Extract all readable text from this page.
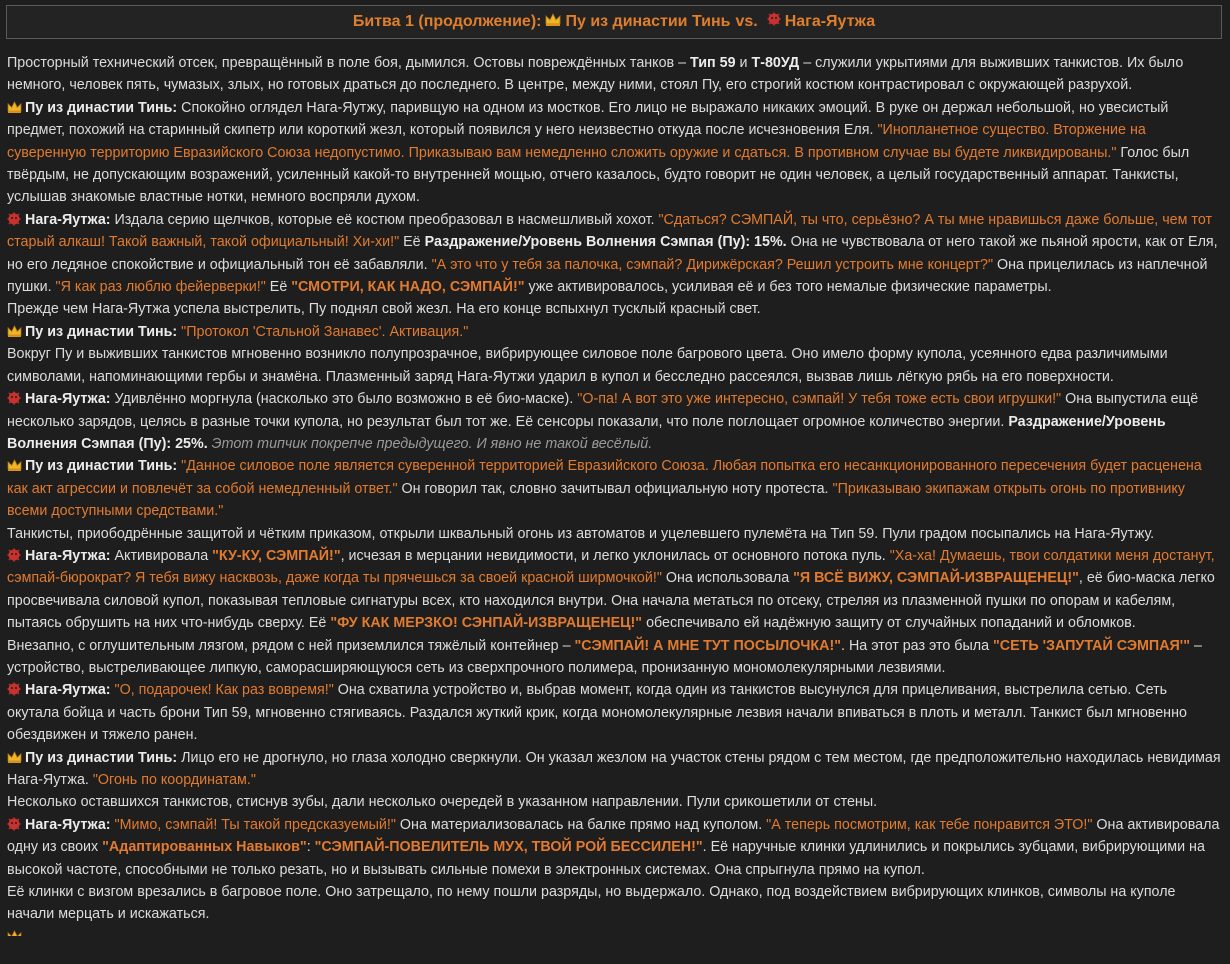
Битва 1 (продолжение): Пу из династии Тинь vs. Нага-Яутжа

Просторный технический отсек, превращённый в поле боя, дымился. Остовы повреждённых танков – Тип 59 и Т-80УД – служили укрытиями для выживших танкистов. Их было немного, человек пять, чумазых, злых, но готовых драться до последнего. В центре, между ними, стоял Пу, его строгий костюм контрастировал с окружающей разрухой.

Пу из династии Тинь: Спокойно оглядел Нага-Яутжу, паривщую на одном из мостков. Его лицо не выражало никаких эмоций. В руке он держал небольшой, но увесистый предмет, похожий на старинный скипетр или короткий жезл, который появился у него неизвестно откуда после исчезновения Еля. "Инопланетное существо. Вторжение на суверенную территорию Евразийского Союза недопустимо. Приказываю вам немедленно сложить оружие и сдаться. В противном случае вы будете ликвидированы." Голос был твёрдым, не допускающим возражений, усиленный какой-то внутренней мощью, отчего казалось, будто говорит не один человек, а целый государственный аппарат. Танкисты, услышав знакомые властные нотки, немного воспряли духом.

Нага-Яутжа: Издала серию щелчков, которые её костюм преобразовал в насмешливый хохот. "Сдаться? СЭМПАЙ, ты что, серьёзно? А ты мне нравишься даже больше, чем тот старый алкаш! Такой важный, такой официальный! Хи-хи!" Её Раздражение/Уровень Волнения Сэмпая (Пу): 15%. Она не чувствовала от него такой же пьяной ярости, как от Еля, но его ледяное спокойствие и официальный тон её забавляли. "А это что у тебя за палочка, сэмпай? Дирижёрская? Решил устроить мне концерт?" Она прицелилась из наплечной пушки. "Я как раз люблю фейерверки!" Её "СМОТРИ, КАК НАДО, СЭМПАЙ!" уже активировалось, усиливая её и без того немалые физические параметры.

Прежде чем Нага-Яутжа успела выстрелить, Пу поднял свой жезл. На его конце вспыхнул тусклый красный свет.

Пу из династии Тинь: "Протокол 'Стальной Занавес'. Активация."

Вокруг Пу и выживших танкистов мгновенно возникло полупрозрачное, вибрирующее силовое поле багрового цвета. Оно имело форму купола, усеянного едва различимыми символами, напоминающими гербы и знамёна. Плазменный заряд Нага-Яутжи ударил в купол и бесследно рассеялся, вызвав лишь лёгкую рябь на его поверхности.

Нага-Яутжа: Удивлённо моргнула (насколько это было возможно в её био-маске). "О-па! А вот это уже интересно, сэмпай! У тебя тоже есть свои игрушки!" Она выпустила ещё несколько зарядов, целясь в разные точки купола, но результат был тот же. Её сенсоры показали, что поле поглощает огромное количество энергии. Раздражение/Уровень Волнения Сэмпая (Пу): 25%. Этот типчик покрепче предыдущего. И явно не такой весёлый.

Пу из династии Тинь: "Данное силовое поле является суверенной территорией Евразийского Союза. Любая попытка его несанкционированного пересечения будет расценена как акт агрессии и повлечёт за собой немедленный ответ." Он говорил так, словно зачитывал официальную ноту протеста. "Приказываю экипажам открыть огонь по противнику всеми доступными средствами."

Танкисты, приободрённые защитой и чётким приказом, открыли шквальный огонь из автоматов и уцелевшего пулемёта на Тип 59. Пули градом посыпались на Нага-Яутжу.

Нага-Яутжа: Активировала "КУ-КУ, СЭМПАЙ!", исчезая в мерцании невидимости, и легко уклонилась от основного потока пуль. "Ха-ха! Думаешь, твои солдатики меня достанут, сэмпай-бюрократ? Я тебя вижу насквозь, даже когда ты прячешься за своей красной ширмочкой!" Она использовала "Я ВСЁ ВИЖУ, СЭМПАЙ-ИЗВРАЩЕНЕЦ!", её био-маска легко просвечивала силовой купол, показывая тепловые сигнатуры всех, кто находился внутри. Она начала метаться по отсеку, стреляя из плазменной пушки по опорам и кабелям, пытаясь обрушить на них что-нибудь сверху. Её "ФУ КАК МЕРЗКО! СЭНПАЙ-ИЗВРАЩЕНЕЦ!" обеспечивало ей надёжную защиту от случайных попаданий и обломков.

Внезапно, с оглушительным лязгом, рядом с ней приземлился тяжёлый контейнер – "СЭМПАЙ! А МНЕ ТУТ ПОСЫЛОЧКА!". На этот раз это была "СЕТЬ 'ЗАПУТАЙ СЭМПАЯ'" – устройство, выстреливающее липкую, саморасширяющуюся сеть из сверхпрочного полимера, пронизанную мономолекулярными лезвиями.

Нага-Яутжа: "О, подарочек! Как раз вовремя!" Она схватила устройство и, выбрав момент, когда один из танкистов высунулся для прицеливания, выстрелила сетью. Сеть окутала бойца и часть брони Тип 59, мгновенно стягиваясь. Раздался жуткий крик, когда мономолекулярные лезвия начали впиваться в плоть и металл. Танкист был мгновенно обездвижен и тяжело ранен.

Пу из династии Тинь: Лицо его не дрогнуло, но глаза холодно сверкнули. Он указал жезлом на участок стены рядом с тем местом, где предположительно находилась невидимая Нага-Яутжа. "Огонь по координатам."

Несколько оставшихся танкистов, стиснув зубы, дали несколько очередей в указанном направлении. Пули срикошетили от стены.

Нага-Яутжа: "Мимо, сэмпай! Ты такой предсказуемый!" Она материализовалась на балке прямо над куполом. "А теперь посмотрим, как тебе понравится ЭТО!" Она активировала одну из своих "Адаптированных Навыков": "СЭМПАЙ-ПОВЕЛИТЕЛЬ МУХ, ТВОЙ РОЙ БЕССИЛЕН!". Её наручные клинки удлинились и покрылись зубцами, вибрирующими на высокой частоте, способными не только резать, но и вызывать сильные помехи в электронных системах. Она спрыгнула прямо на купол.

Её клинки с визгом врезались в багровое поле. Оно затрещало, по нему пошли разряды, но выдержало. Однако, под воздействием вибрирующих клинков, символы на куполе начали мерцать и искажаться.
